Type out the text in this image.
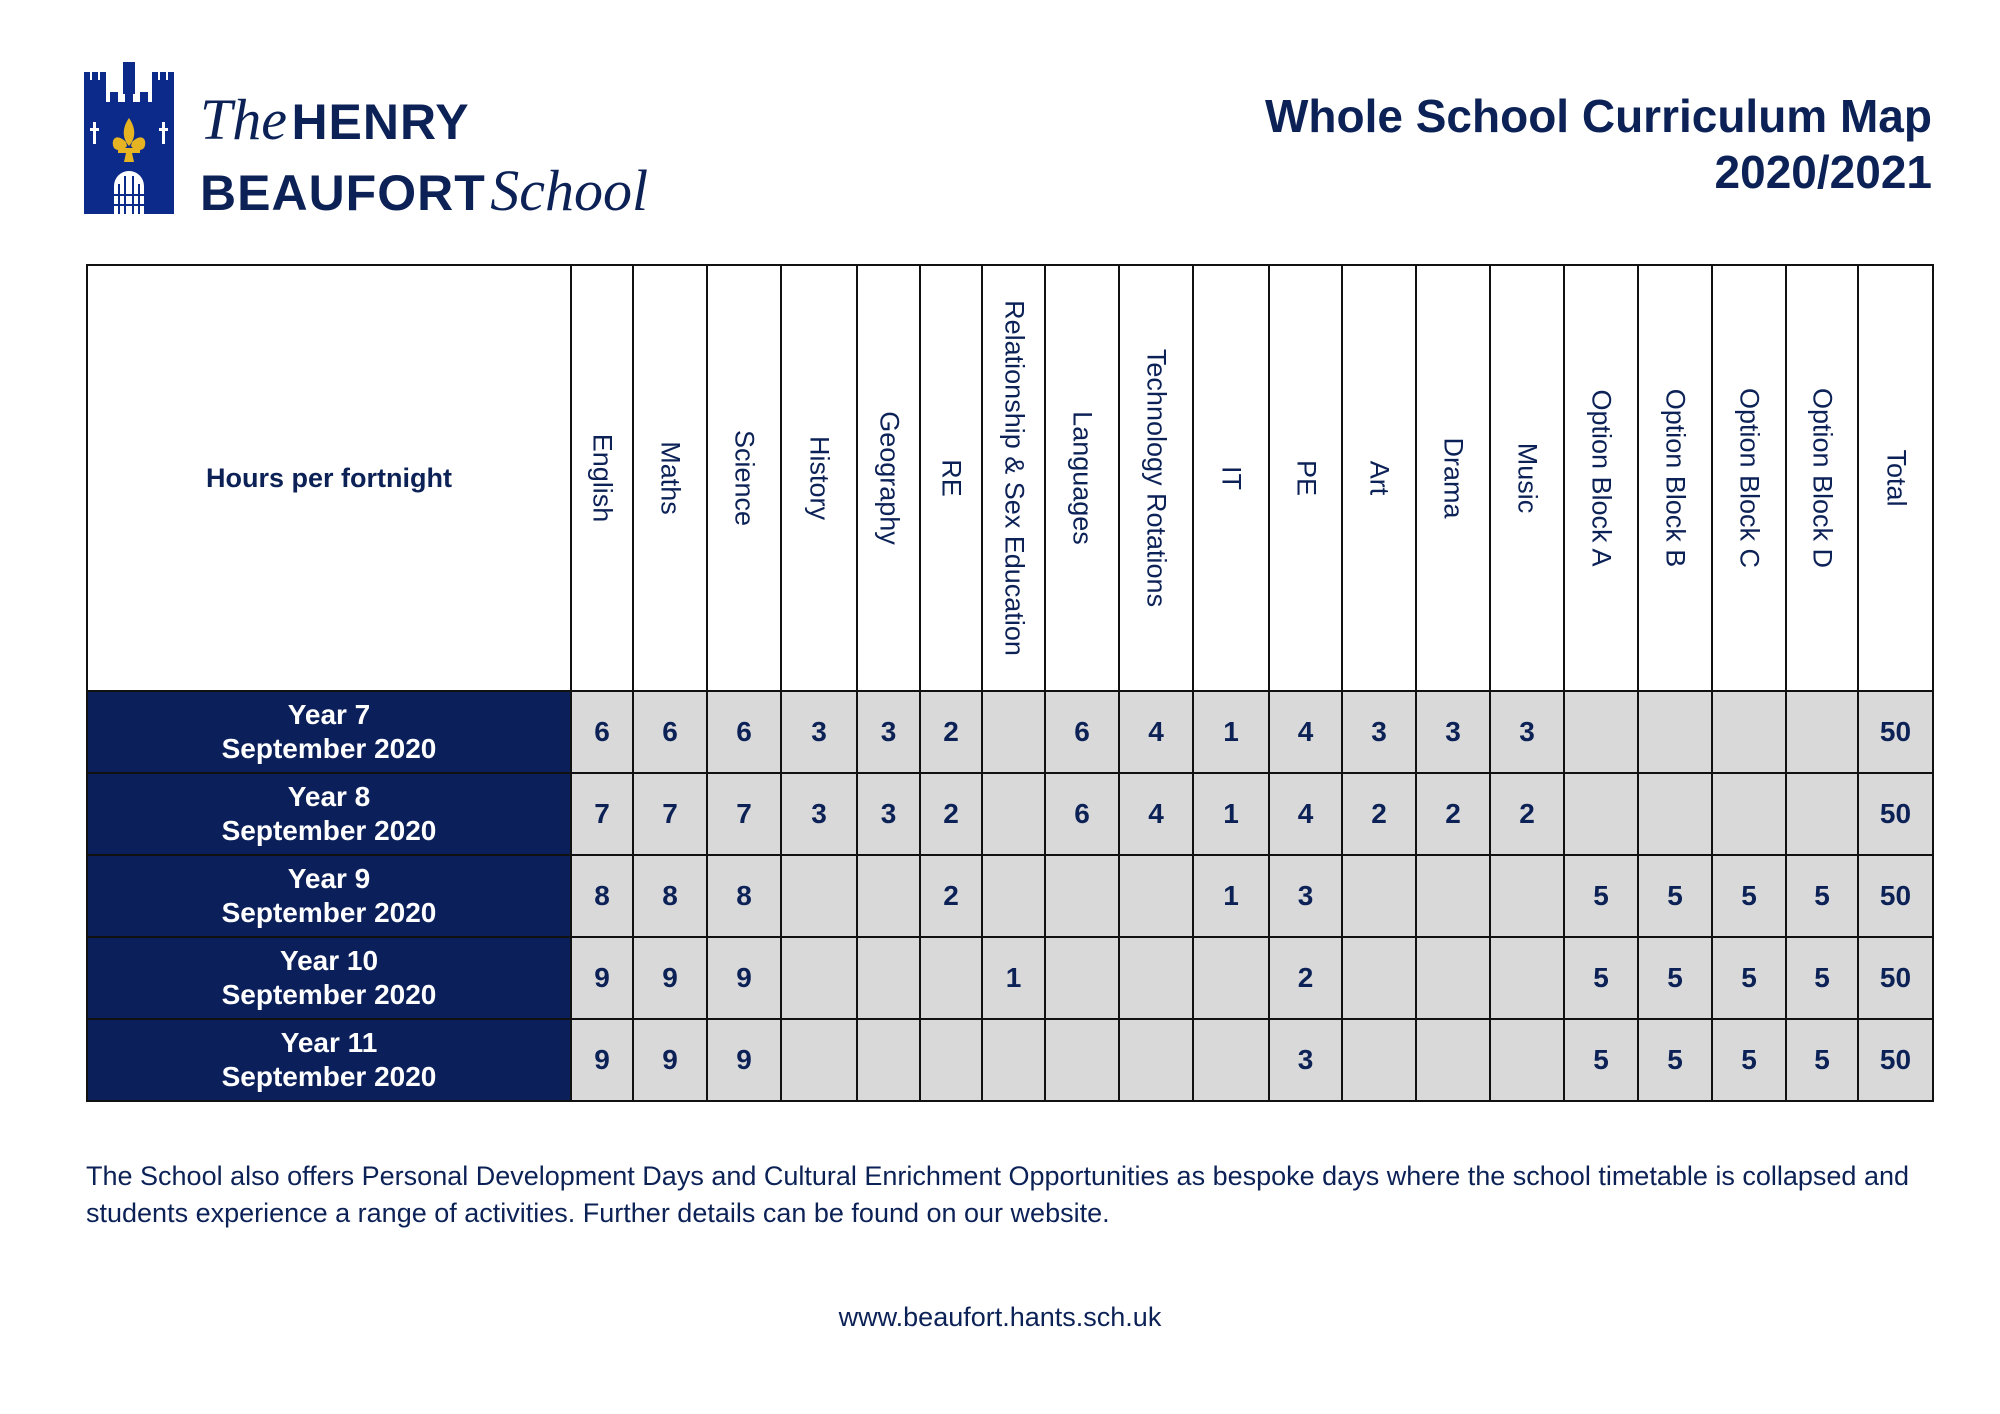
The HENRY
BEAUFORT School
Whole School Curriculum Map
2020/2021
Hours per fortnight	English	Maths	Science	History	Geography	RE	Relationship & Sex Education	Languages	Technology Rotations	IT	PE	Art	Drama	Music	Option Block A	Option Block B	Option Block C	Option Block D	Total

Year 7
September 2020	6	6	6	3	3	2		6	4	1	4	3	3	3					50

Year 8
September 2020	7	7	7	3	3	2		6	4	1	4	2	2	2					50

Year 9
September 2020	8	8	8			2				1	3				5	5	5	5	50

Year 10
September 2020	9	9	9				1				2				5	5	5	5	50

Year 11
September 2020	9	9	9								3				5	5	5	5	50
The School also offers Personal Development Days and Cultural Enrichment Opportunities as bespoke days where the school timetable is collapsed and students experience a range of activities. Further details can be found on our website.
www.beaufort.hants.sch.uk
